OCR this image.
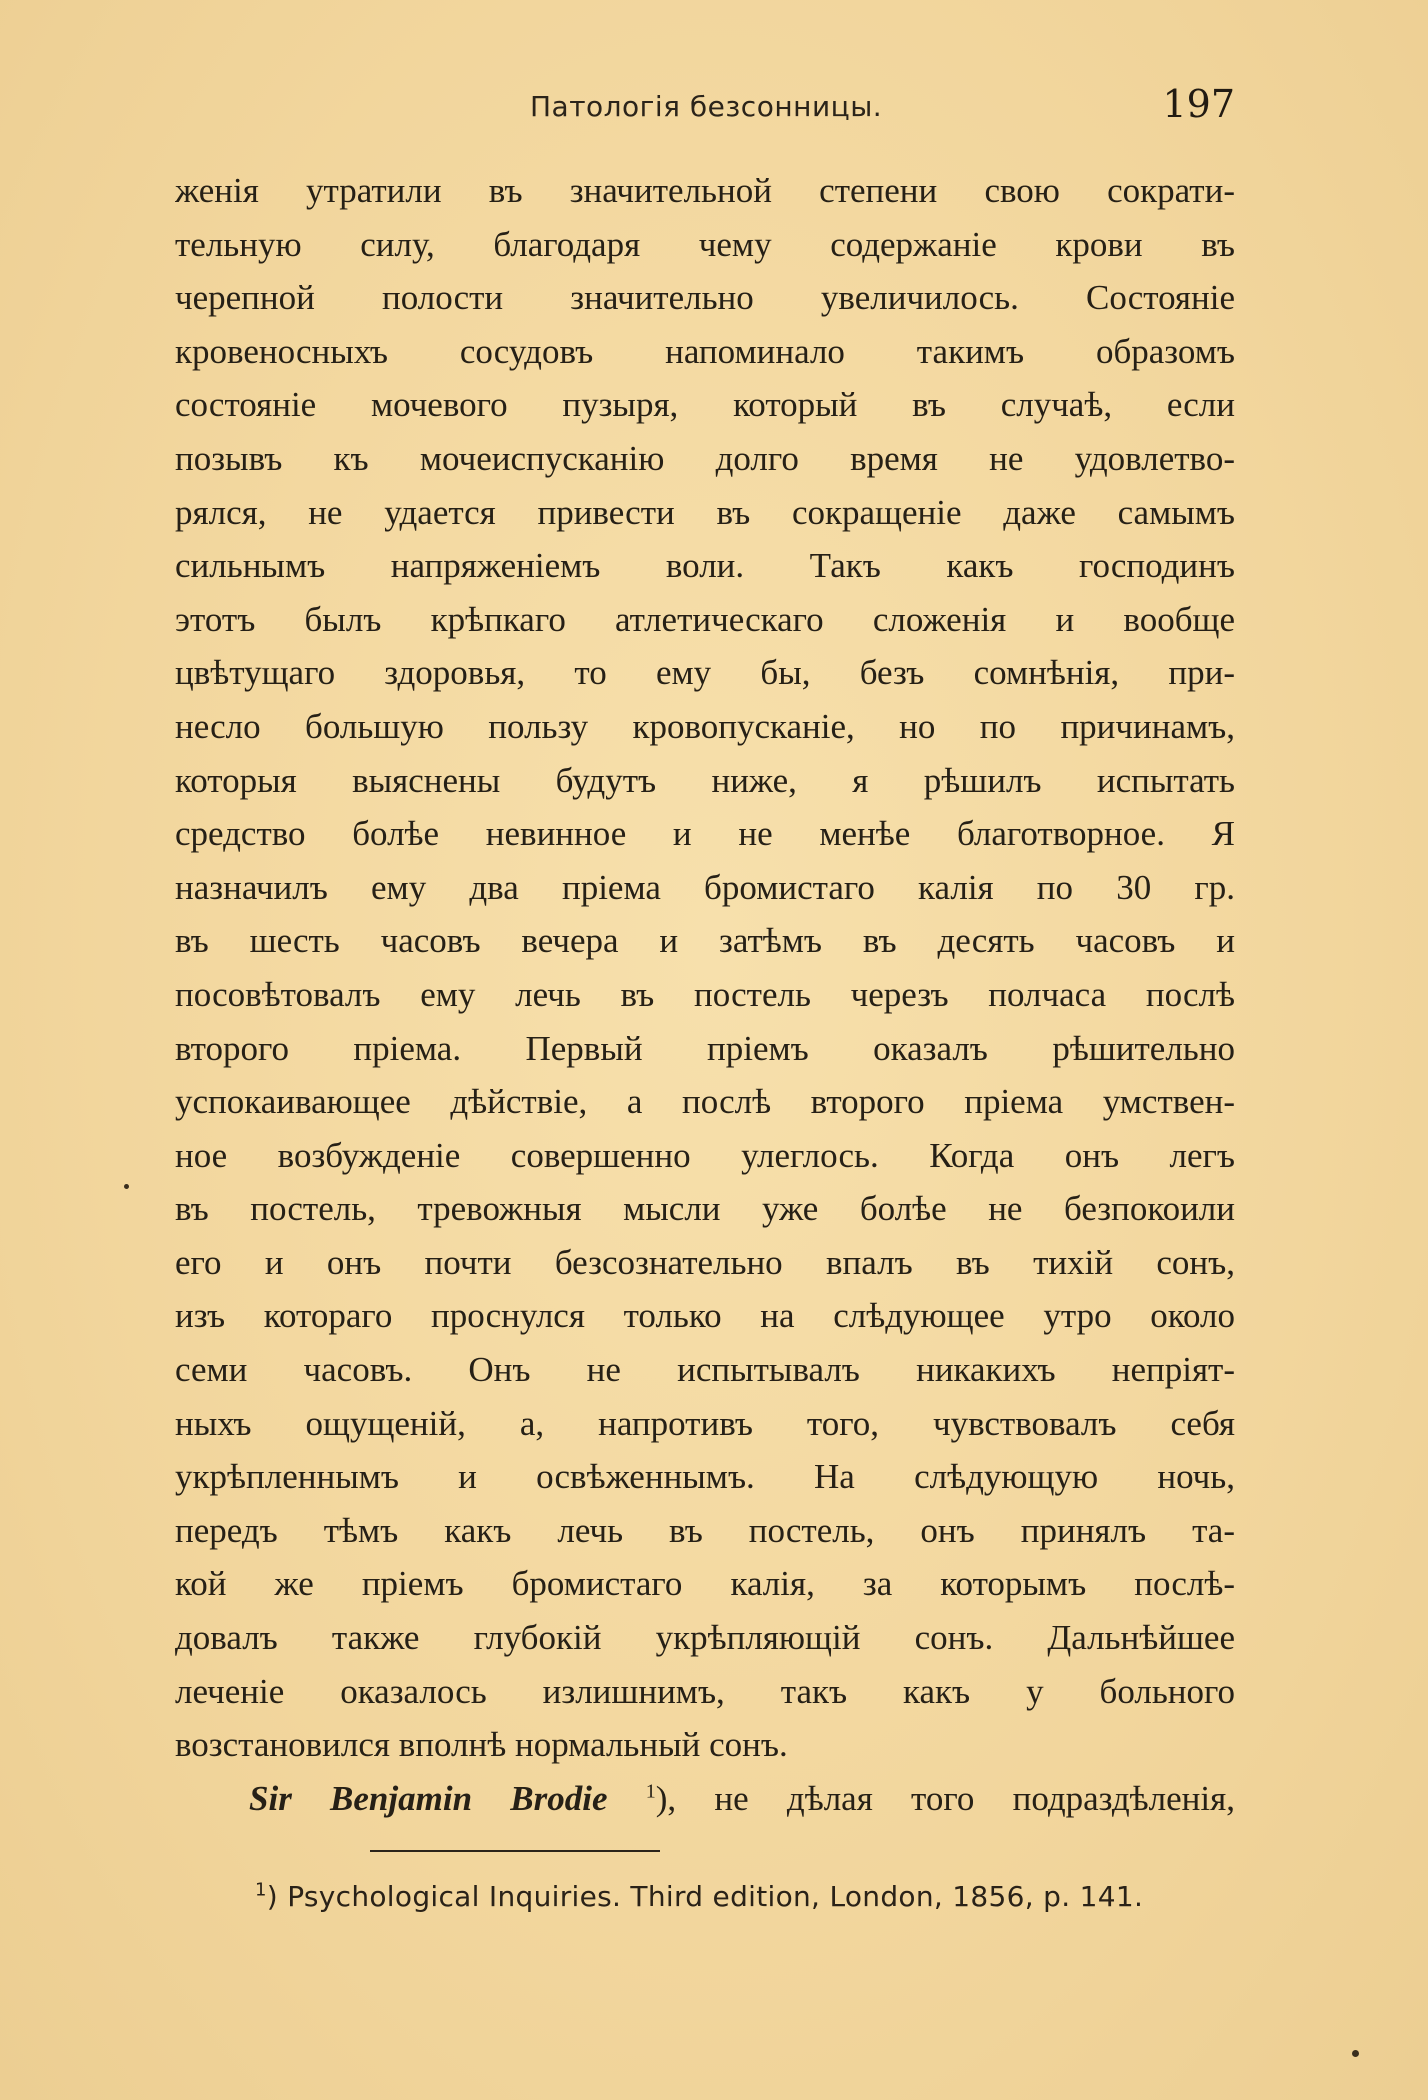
Патологія безсонницы.	197
женія утратили въ значительной степени свою сократи-
тельную силу, благодаря чему содержаніе крови въ
черепной полости значительно увеличилось. Состояніе
кровеносныхъ сосудовъ напоминало такимъ образомъ
состояніе мочевого пузыря, который въ случаѣ, если
позывъ къ мочеиспусканію долго время не удовлетво-
рялся, не удается привести въ сокращеніе даже самымъ
сильнымъ напряженіемъ воли. Такъ какъ господинъ
этотъ былъ крѣпкаго атлетическаго сложенія и вообще
цвѣтущаго здоровья, то ему бы, безъ сомнѣнія, при-
несло большую пользу кровопусканіе, но по причинамъ,
которыя выяснены будутъ ниже, я рѣшилъ испытать
средство болѣе невинное и не менѣе благотворное. Я
назначилъ ему два пріема бромистаго калія по 30 гр.
въ шесть часовъ вечера и затѣмъ въ десять часовъ и
посовѣтовалъ ему лечь въ постель черезъ полчаса послѣ
второго пріема. Первый пріемъ оказалъ рѣшительно
успокаивающее дѣйствіе, а послѣ второго пріема умствен-
ное возбужденіе совершенно улеглось. Когда онъ легъ
въ постель, тревожныя мысли уже болѣе не безпокоили
его и онъ почти безсознательно впалъ въ тихій сонъ,
изъ котораго проснулся только на слѣдующее утро около
семи часовъ. Онъ не испытывалъ никакихъ непріят-
ныхъ ощущеній, а, напротивъ того, чувствовалъ себя
укрѣпленнымъ и освѣженнымъ. На слѣдующую ночь,
передъ тѣмъ какъ лечь въ постель, онъ принялъ та-
кой же пріемъ бромистаго калія, за которымъ послѣ-
довалъ также глубокій укрѣпляющій сонъ. Дальнѣйшее
леченіе оказалось излишнимъ, такъ какъ у больного
возстановился вполнѣ нормальный сонъ.
Sir Benjamin Brodie $^1$), не дѣлая того подраздѣленія,
$^1$) Psychological Inquiries. Third edition, London, 1856, p. 141.
